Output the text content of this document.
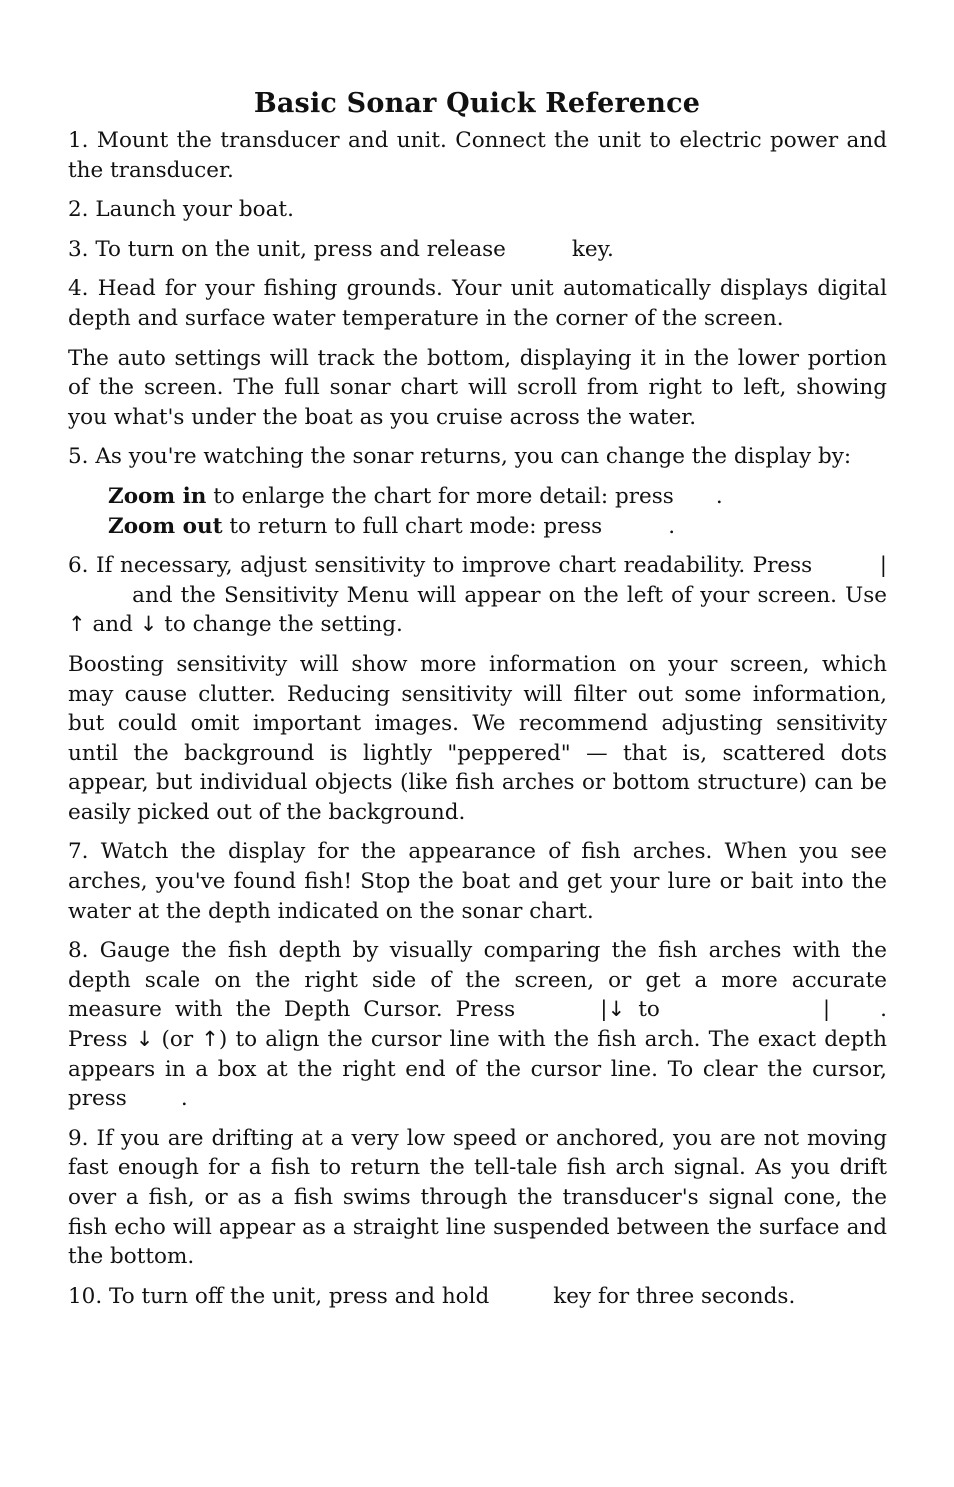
Basic Sonar Quick Reference

1. Mount the transducer and unit. Connect the unit to electric power and the transducer.

2. Launch your boat.

3. To turn on the unit, press and release	key.

4. Head for your fishing grounds. Your unit automatically displays digital depth and surface water temperature in the corner of the screen.

The auto settings will track the bottom, displaying it in the lower portion of the screen. The full sonar chart will scroll from right to left, showing you what's under the boat as you cruise across the water.

5. As you're watching the sonar returns, you can change the display by:

Zoom in to enlarge the chart for more detail: press .
Zoom out to return to full chart mode: press	.

6. If necessary, adjust sensitivity to improve chart readability. Press	| and the Sensitivity Menu will appear on the left of your screen. Use ↑ and ↓ to change the setting.

Boosting sensitivity will show more information on your screen, which may cause clutter. Reducing sensitivity will filter out some information, but could omit important images. We recommend adjusting sensitivity until the background is lightly "peppered" — that is, scattered dots appear, but individual objects (like fish arches or bottom structure) can be easily picked out of the background.

7. Watch the display for the appearance of fish arches. When you see arches, you've found fish! Stop the boat and get your lure or bait into the water at the depth indicated on the sonar chart.

8. Gauge the fish depth by visually comparing the fish arches with the depth scale on the right side of the screen, or get a more accurate measure with the Depth Cursor. Press	|↓ to	| . Press ↓ (or ↑) to align the cursor line with the fish arch. The exact depth appears in a box at the right end of the cursor line. To clear the cursor, press	.

9. If you are drifting at a very low speed or anchored, you are not moving fast enough for a fish to return the tell-tale fish arch signal. As you drift over a fish, or as a fish swims through the transducer's signal cone, the fish echo will appear as a straight line suspended between the surface and the bottom.

10. To turn off the unit, press and hold	key for three seconds.
